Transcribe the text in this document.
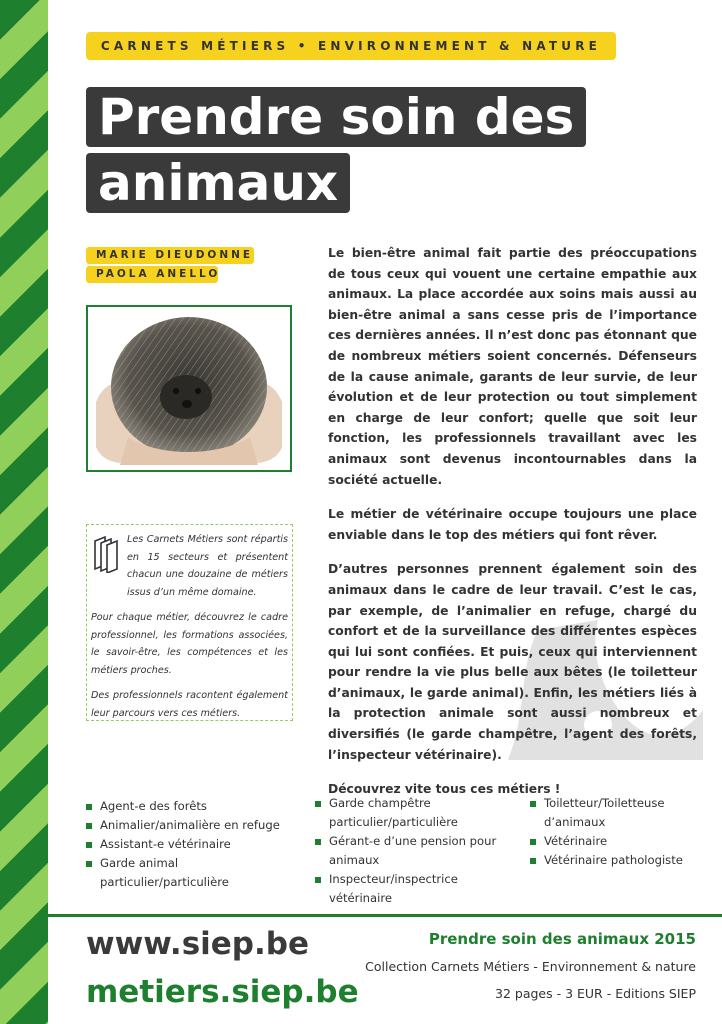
CARNETS MÉTIERS • ENVIRONNEMENT & NATURE
Prendre soin des
animaux
MARIE DIEUDONNE
PAOLA ANELLO

Les Carnets Métiers sont répartis en 15 secteurs et présentent chacun une douzaine de métiers issus d’un même domaine.

Pour chaque métier, découvrez le cadre professionnel, les formations associées, le savoir-être, les compétences et les métiers proches.

Des professionnels racontent également leur parcours vers ces métiers.

Le bien-être animal fait partie des préoccupations de tous ceux qui vouent une certaine empathie aux animaux. La place accordée aux soins mais aussi au bien-être animal a sans cesse pris de l’importance ces dernières années. Il n’est donc pas étonnant que de nombreux métiers soient concernés. Défenseurs de la cause animale, garants de leur survie, de leur évolution et de leur protection ou tout simplement en charge de leur confort; quelle que soit leur fonction, les professionnels travaillant avec les animaux sont devenus incontournables dans la société actuelle.

Le métier de vétérinaire occupe toujours une place enviable dans le top des métiers qui font rêver.

D’autres personnes prennent également soin des animaux dans le cadre de leur travail. C’est le cas, par exemple, de l’animalier en refuge, chargé du confort et de la surveillance des différentes espèces qui lui sont confiées. Et puis, ceux qui interviennent pour rendre la vie plus belle aux bêtes (le toiletteur d’animaux, le garde animal). Enfin, les métiers liés à la protection animale sont aussi nombreux et diversifiés (le garde champêtre, l’agent des forêts, l’inspecteur vétérinaire).

Découvrez vite tous ces métiers !

Agent-e des forêts
Animalier/animalière en refuge
Assistant-e vétérinaire
Garde animal particulier/particulière
Garde champêtre particulier/particulière
Gérant-e d’une pension pour animaux
Inspecteur/inspectrice vétérinaire
Toiletteur/Toiletteuse d’animaux
Vétérinaire
Vétérinaire pathologiste
www.siep.be
metiers.siep.be
Prendre soin des animaux 2015
Collection Carnets Métiers - Environnement & nature
32 pages - 3 EUR - Editions SIEP
